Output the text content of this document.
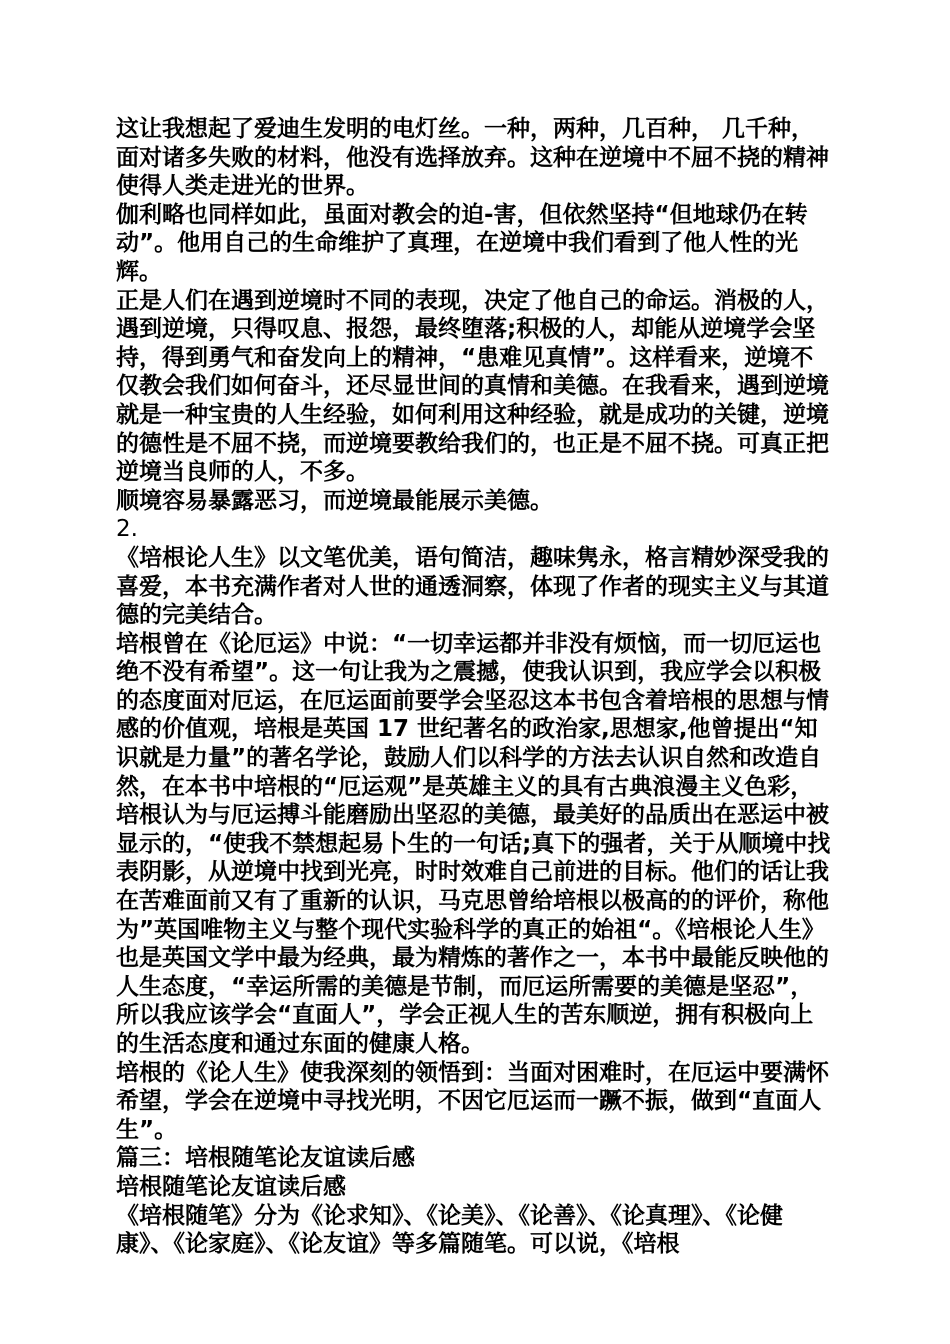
这让我想起了爱迪生发明的电灯丝。一种，两种，几百种， 几千种，面对诸多失败的材料，他没有选择放弃。这种在逆境中不屈不挠的精神使得人类走进光的世界。

伽利略也同样如此，虽面对教会的迫-害，但依然坚持“但地球仍在转动”。他用自己的生命维护了真理，在逆境中我们看到了他人性的光辉。

正是人们在遇到逆境时不同的表现，决定了他自己的命运。消极的人，遇到逆境，只得叹息、报怨，最终堕落;积极的人，却能从逆境学会坚持，得到勇气和奋发向上的精神，“患难见真情”。这样看来，逆境不仅教会我们如何奋斗，还尽显世间的真情和美德。在我看来，遇到逆境就是一种宝贵的人生经验，如何利用这种经验，就是成功的关键，逆境的德性是不屈不挠，而逆境要教给我们的，也正是不屈不挠。可真正把逆境当良师的人，不多。

顺境容易暴露恶习，而逆境最能展示美德。

2.

《培根论人生》以文笔优美，语句简洁，趣味隽永，格言精妙深受我的喜爱，本书充满作者对人世的通透洞察，体现了作者的现实主义与其道德的完美结合。

培根曾在《论厄运》中说：“一切幸运都并非没有烦恼，而一切厄运也绝不没有希望”。这一句让我为之震撼，使我认识到，我应学会以积极的态度面对厄运，在厄运面前要学会坚忍这本书包含着培根的思想与情感的价值观，培根是英国 17 世纪著名的政治家,思想家,他曾提出“知识就是力量”的著名学论，鼓励人们以科学的方法去认识自然和改造自然，在本书中培根的“厄运观”是英雄主义的具有古典浪漫主义色彩，培根认为与厄运搏斗能磨励出坚忍的美德，最美好的品质出在恶运中被显示的，“使我不禁想起易卜生的一句话;真下的强者，关于从顺境中找表阴影，从逆境中找到光亮，时时效难自己前进的目标。他们的话让我在苦难面前又有了重新的认识，马克思曾给培根以极高的的评价，称他为”英国唯物主义与整个现代实验科学的真正的始祖“。《培根论人生》也是英国文学中最为经典，最为精炼的著作之一，本书中最能反映他的人生态度，“幸运所需的美德是节制，而厄运所需要的美德是坚忍”，所以我应该学会“直面人”，学会正视人生的苦东顺逆，拥有积极向上的生活态度和通过东面的健康人格。

培根的《论人生》使我深刻的领悟到：当面对困难时，在厄运中要满怀希望，学会在逆境中寻找光明，不因它厄运而一蹶不振，做到“直面人生”。

篇三：培根随笔论友谊读后感

培根随笔论友谊读后感

《培根随笔》分为《论求知》、《论美》、《论善》、《论真理》、《论健康》、《论家庭》、《论友谊》等多篇随笔。可以说，《培根
